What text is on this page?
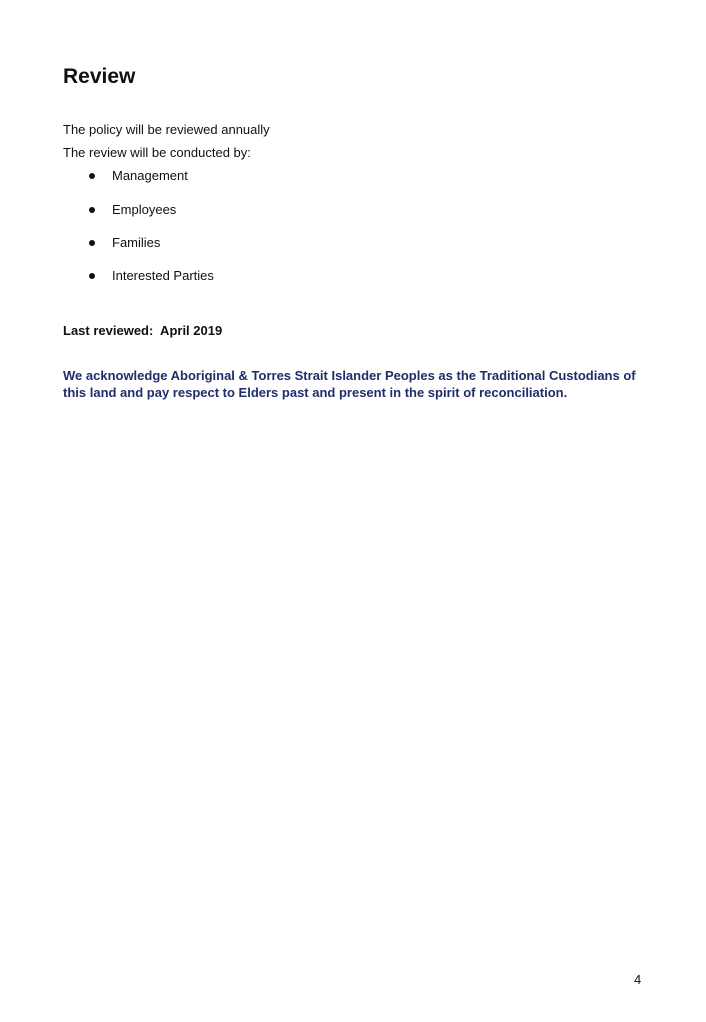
Review

The policy will be reviewed annually

The review will be conducted by:

Management
Employees
Families
Interested Parties

Last reviewed:  April 2019

We acknowledge Aboriginal & Torres Strait Islander Peoples as the Traditional Custodians of this land and pay respect to Elders past and present in the spirit of reconciliation.

4
